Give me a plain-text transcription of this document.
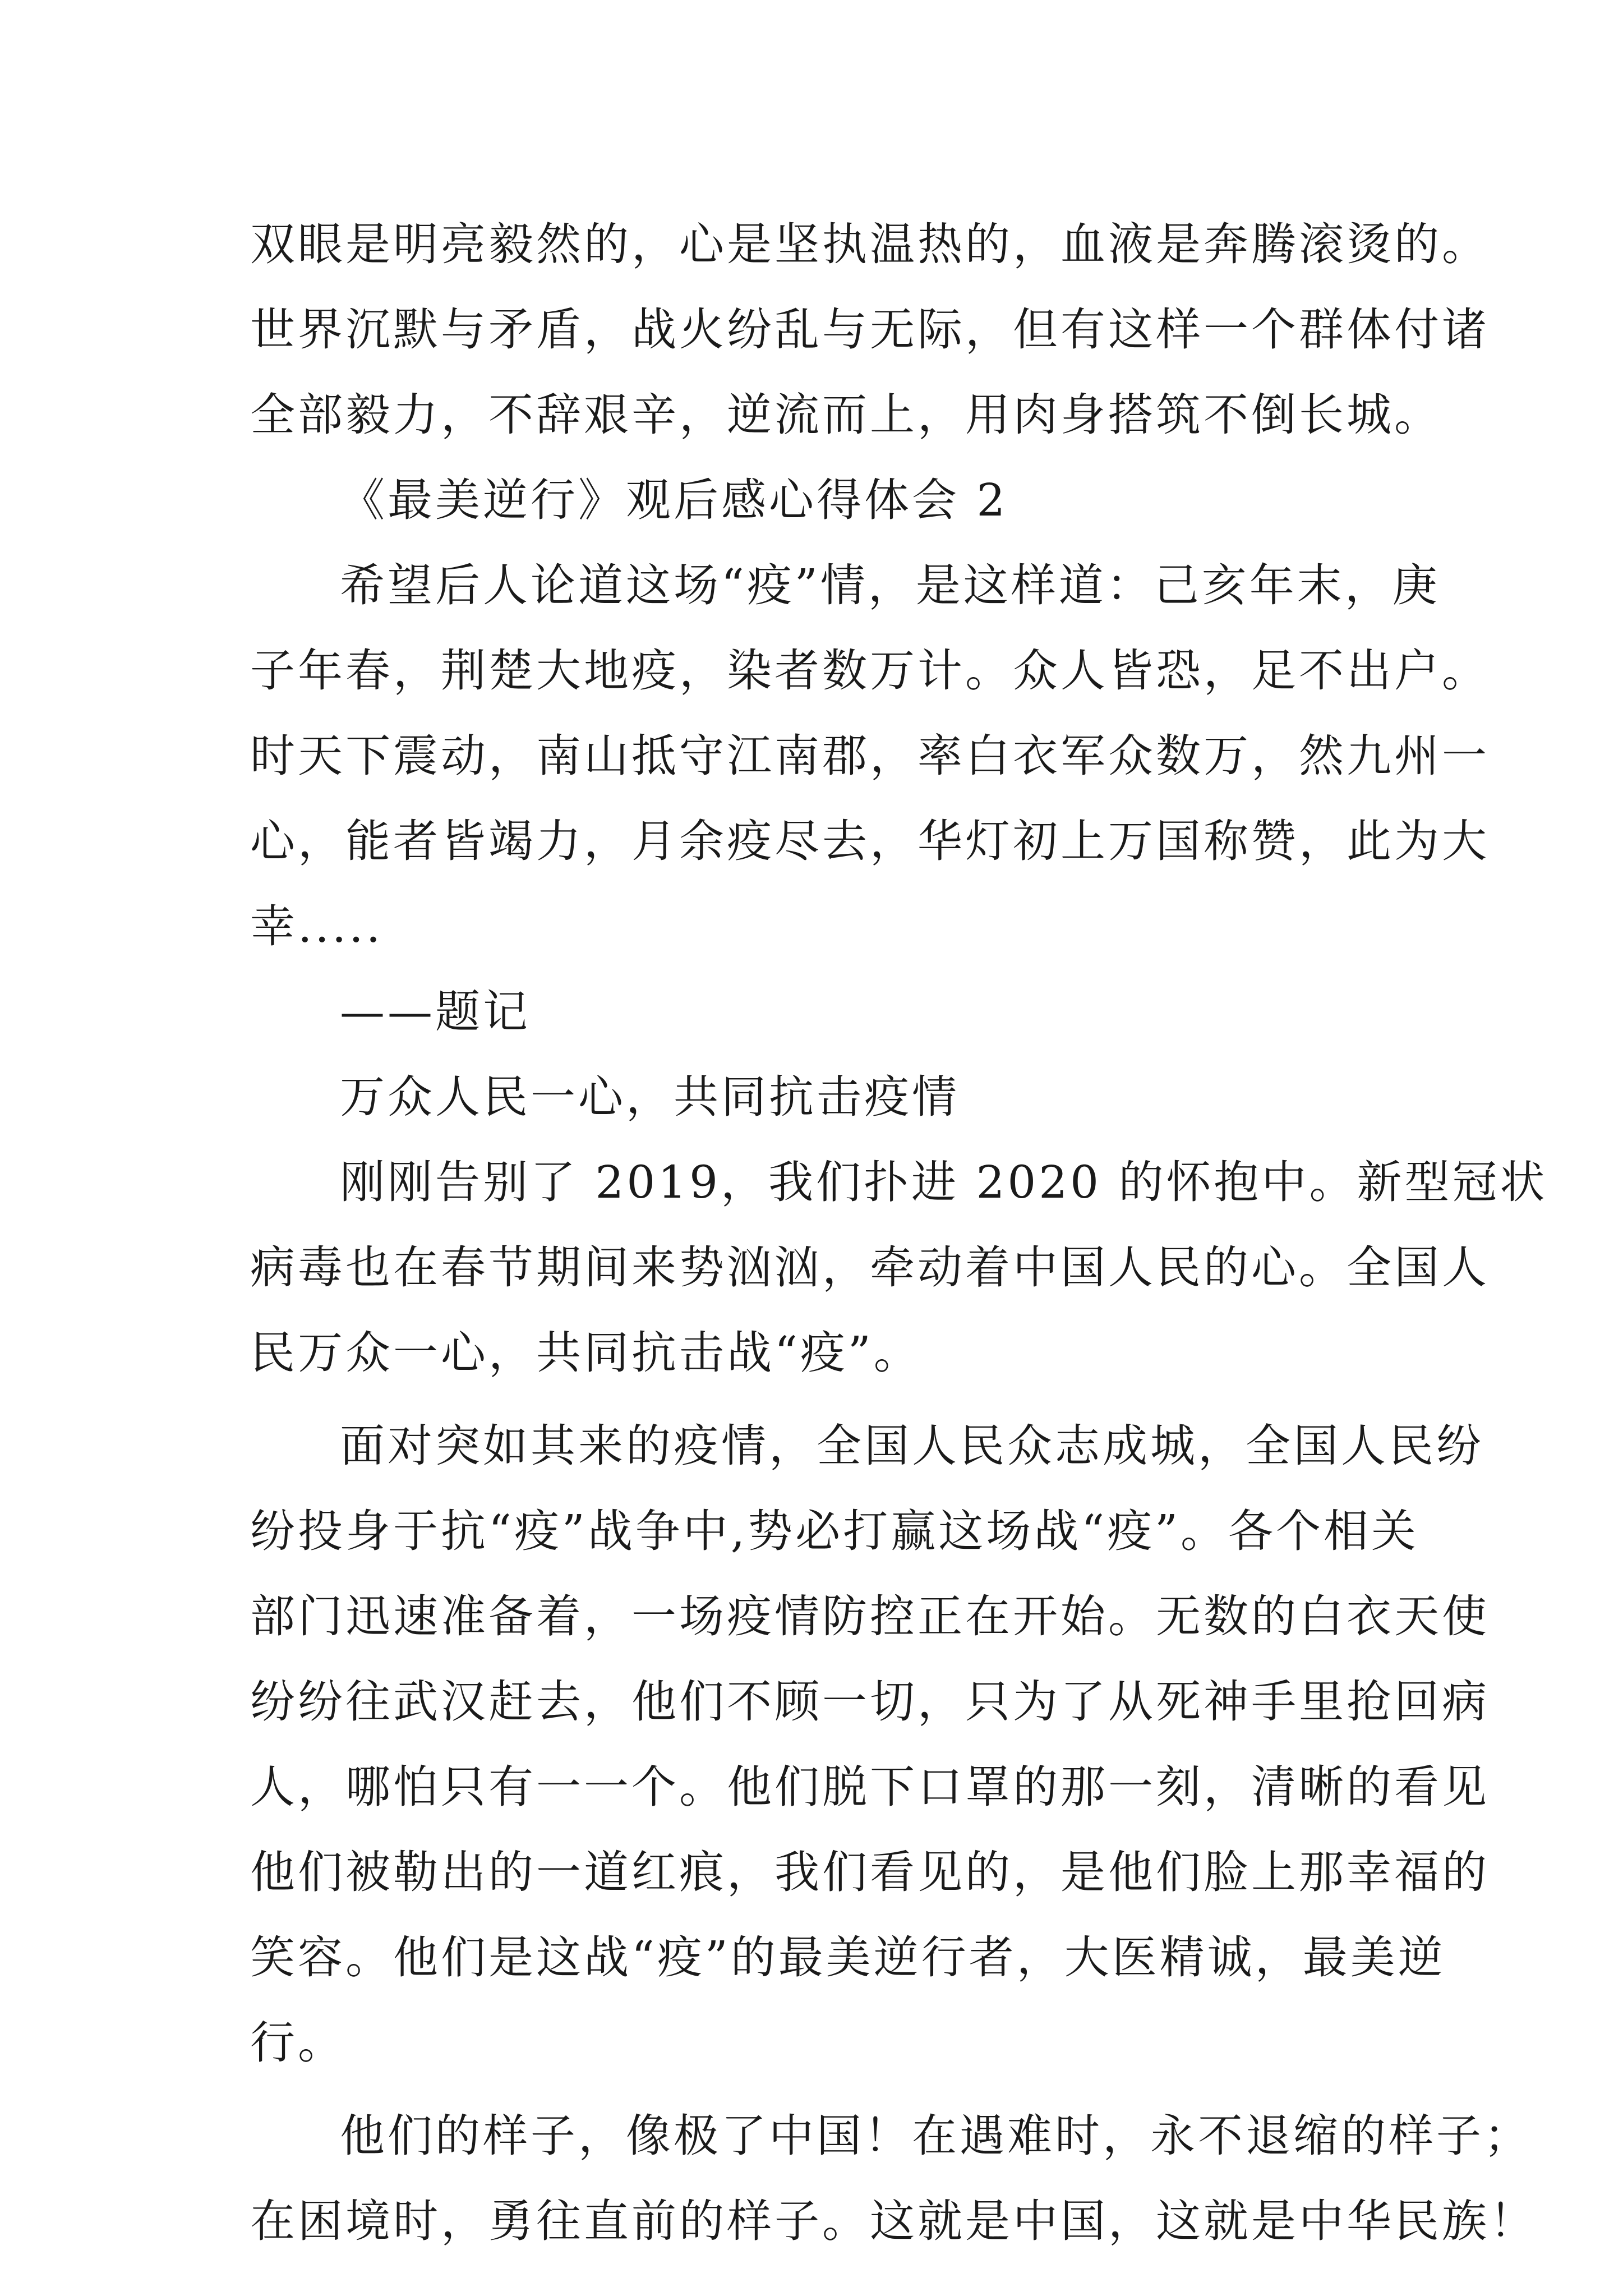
双眼是明亮毅然的，心是坚执温热的，血液是奔腾滚烫的。
世界沉默与矛盾，战火纷乱与无际，但有这样一个群体付诸
全部毅力，不辞艰辛，逆流而上，用肉身搭筑不倒长城。
《最美逆行》观后感心得体会 2
希望后人论道这场“疫”情，是这样道：己亥年末，庚
子年春，荆楚大地疫，染者数万计。众人皆恐，足不出户。
时天下震动，南山抵守江南郡，率白衣军众数万，然九州一
心，能者皆竭力，月余疫尽去，华灯初上万国称赞，此为大
幸.....
——题记
万众人民一心，共同抗击疫情
刚刚告别了 2019，我们扑进 2020 的怀抱中。新型冠状
病毒也在春节期间来势汹汹，牵动着中国人民的心。全国人
民万众一心，共同抗击战“疫”。
面对突如其来的疫情，全国人民众志成城，全国人民纷
纷投身于抗“疫”战争中,势必打赢这场战“疫”。各个相关
部门迅速准备着，一场疫情防控正在开始。无数的白衣天使
纷纷往武汉赶去，他们不顾一切，只为了从死神手里抢回病
人，哪怕只有一一个。他们脱下口罩的那一刻，清晰的看见
他们被勒出的一道红痕，我们看见的，是他们脸上那幸福的
笑容。他们是这战“疫”的最美逆行者，大医精诚，最美逆
行。
他们的样子，像极了中国！在遇难时，永不退缩的样子；
在困境时，勇往直前的样子。这就是中国，这就是中华民族！
